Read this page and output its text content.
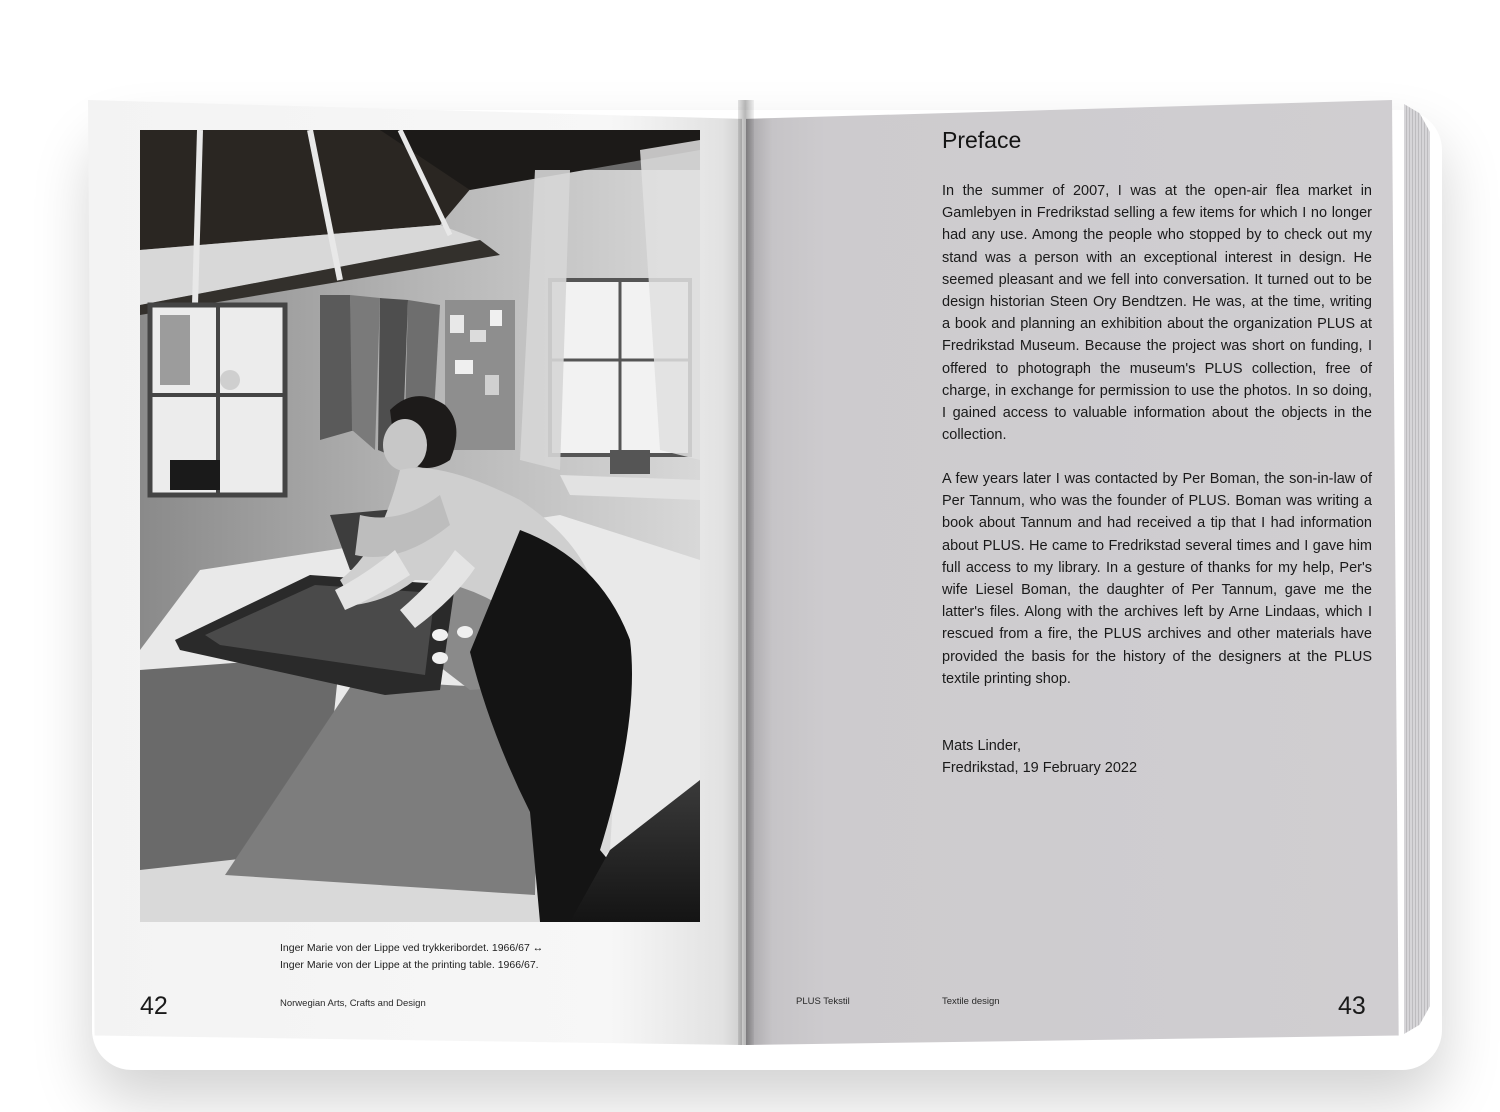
Inger Marie von der Lippe ved trykkeribordet. 1966/67 ↔
Inger Marie von der Lippe at the printing table. 1966/67.
42	Norwegian Arts, Crafts and Design
Preface

In the summer of 2007, I was at the open-air flea market in Gamlebyen in Fredrikstad selling a few items for which I no longer had any use. Among the people who stopped by to check out my stand was a person with an exceptional interest in design. He seemed pleasant and we fell into conversation. It turned out to be design historian Steen Ory Bendtzen. He was, at the time, writing a book and planning an exhibition about the organization PLUS at Fredrikstad Museum. Because the project was short on funding, I offered to photograph the museum's PLUS collection, free of charge, in exchange for permission to use the photos. In so doing, I gained access to valuable information about the objects in the collection.

A few years later I was contacted by Per Boman, the son-in-law of Per Tannum, who was the founder of PLUS. Boman was writing a book about Tannum and had received a tip that I had information about PLUS. He came to Fredrikstad several times and I gave him full access to my library. In a gesture of thanks for my help, Per's wife Liesel Boman, the daughter of Per Tannum, gave me the latter's files. Along with the archives left by Arne Lindaas, which I rescued from a fire, the PLUS archives and other materials have provided the basis for the history of the designers at the PLUS textile printing shop.

Mats Linder,
Fredrikstad, 19 February 2022
PLUS Tekstil	Textile design	43
